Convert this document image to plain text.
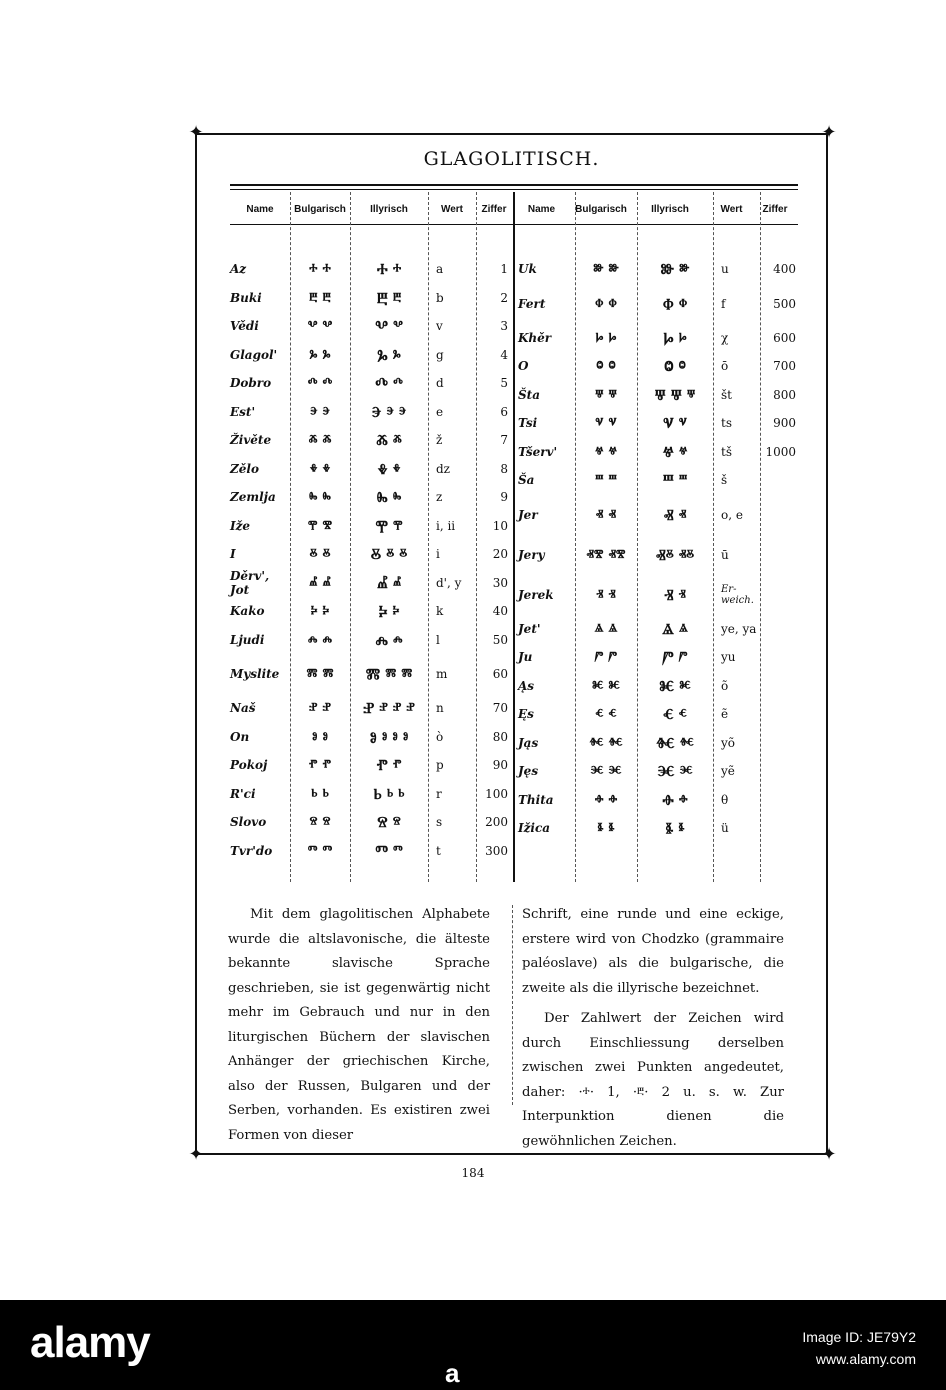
✦	✦
✦	✦
GLAGOLITISCH.
Name	Bulgarisch	Illyrisch	Wert	Ziffer	Name	Bulgarisch	Illyrisch	Wert	Ziffer
Az	ⰰ ⰰ	Ⰰ ⰰ	a	1
Buki	ⰱ ⰱ	Ⰱ ⰱ	b	2
Vědi	ⰲ ⰲ	Ⰲ ⰲ	v	3
Glagol'	ⰳ ⰳ	Ⰳ ⰳ	g	4
Dobro	ⰴ ⰴ	Ⰴ ⰴ	d	5
Est'	ⰵ ⰵ	Ⰵ ⰵ ⰵ	e	6
Živěte	ⰶ ⰶ	Ⰶ ⰶ	ž	7
Zělo	ⰷ ⰷ	Ⰷ ⰷ	dz	8
Zemlja	ⰸ ⰸ	Ⰸ ⰸ	z	9
Iže	ⰹ ⰺ	Ⰹ ⰹ	i, ii	10
I	ⰻ ⰻ	Ⰻ ⰻ ⰻ	i	20
Děrv', Jot	ⰼ ⰼ	Ⰼ ⰼ	d', y	30
Kako	ⰽ ⰽ	Ⰽ ⰽ	k	40
Ljudi	ⰾ ⰾ	Ⰾ ⰾ	l	50
Myslite	ⰿ ⰿ	Ⰿ ⰿ ⰿ	m	60
Naš	ⱀ ⱀ	Ⱀ ⱀ ⱀ ⱀ	n	70
On	ⱁ ⱁ	Ⱁ ⱁ ⱁ ⱁ	ò	80
Pokoj	ⱂ ⱂ	Ⱂ ⱂ	p	90
R'ci	ⱃ ⱃ	Ⱃ ⱃ ⱃ	r	100
Slovo	ⱄ ⱄ	Ⱄ ⱄ	s	200
Tvr'do	ⱅ ⱅ	Ⱅ ⱅ	t	300
Uk	ⱆ ⱆ	Ⱆ ⱆ	u	400
Fert	ⱇ ⱇ	Ⱇ ⱇ	f	500
Khěr	ⱈ ⱈ	Ⱈ ⱈ	χ	600
O	ⱉ ⱉ	Ⱉ ⱉ	ō	700
Šta	ⱋ ⱋ	Ⱋ Ⱋ ⱋ	št	800
Tsi	ⱌ ⱌ	Ⱌ ⱌ	ts	900
Tšerv'	ⱍ ⱍ	Ⱍ ⱍ	tš	1000
Ša	ⱎ ⱎ	Ⱎ ⱎ	š
Jer	ⱏ ⱏ	Ⱏ ⱏ	o, e
Jery	ⱏⰺ ⱏⰺ	Ⱏⰻ ⱏⰻ	ū
Jerek	ⱐ ⱐ	Ⱐ ⱐ	Er-weich.
Jet'	ⱑ ⱑ	Ⱑ ⱑ	ye, ya
Ju	ⱓ ⱓ	Ⱓ ⱓ	yu
Ąs	ⱘ ⱘ	Ⱘ ⱘ	õ
Ęs	ⱔ ⱔ	Ⱔ ⱔ	ẽ
Jąs	ⱙ ⱙ	Ⱙ ⱙ	yõ
Jęs	ⱗ ⱗ	Ⱗ ⱗ	yẽ
Thita	ⱚ ⱚ	Ⱚ ⱚ	θ
Ižica	ⱛ ⱛ	Ⱛ ⱛ	ü

Mit dem glagolitischen Alphabete wurde die altslavonische, die älteste bekannte slavische Sprache geschrieben, sie ist gegenwärtig nicht mehr im Gebrauch und nur in den liturgischen Büchern der slavischen Anhänger der griechischen Kirche, also der Russen, Bulgaren und der Serben, vorhanden. Es existiren zwei Formen von dieser

Schrift, eine runde und eine eckige, erstere wird von Chodzko (grammaire paléoslave) als die bulgarische, die zweite als die illyrische bezeichnet.

Der Zahlwert der Zeichen wird durch Einschliessung derselben zwischen zwei Punkten angedeutet, daher: ·ⰰ· 1, ·ⰱ· 2 u. s. w. Zur Interpunktion dienen die gewöhnlichen Zeichen.

184
alamy
a
Image ID: JE79Y2
www.alamy.com
